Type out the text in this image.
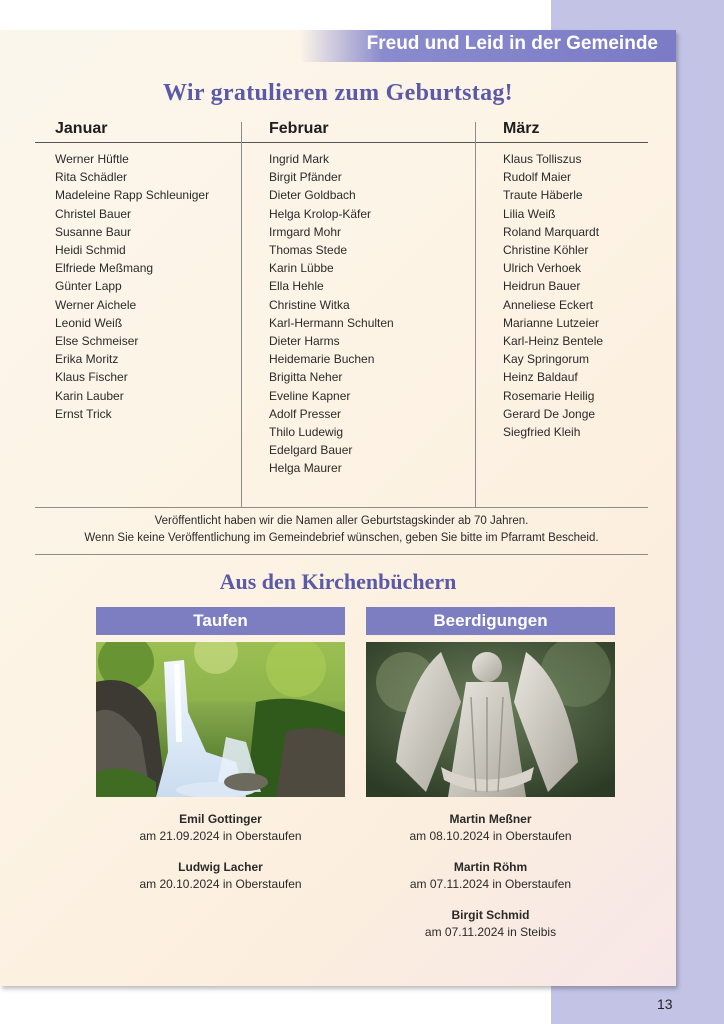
Freud und Leid in der Gemeinde
Wir gratulieren zum Geburtstag!
Januar
Werner Hüftle
Rita Schädler
Madeleine Rapp Schleuniger
Christel Bauer
Susanne Baur
Heidi Schmid
Elfriede Meßmang
Günter Lapp
Werner Aichele
Leonid Weiß
Else Schmeiser
Erika Moritz
Klaus Fischer
Karin Lauber
Ernst Trick
Februar
Ingrid Mark
Birgit Pfänder
Dieter Goldbach
Helga Krolop-Käfer
Irmgard Mohr
Thomas Stede
Karin Lübbe
Ella Hehle
Christine Witka
Karl-Hermann Schulten
Dieter Harms
Heidemarie Buchen
Brigitta Neher
Eveline Kapner
Adolf Presser
Thilo Ludewig
Edelgard Bauer
Helga Maurer
März
Klaus Tolliszus
Rudolf Maier
Traute Häberle
Lilia Weiß
Roland Marquardt
Christine Köhler
Ulrich Verhoek
Heidrun Bauer
Anneliese Eckert
Marianne Lutzeier
Karl-Heinz Bentele
Kay Springorum
Heinz Baldauf
Rosemarie Heilig
Gerard De Jonge
Siegfried Kleih
Veröffentlicht haben wir die Namen aller Geburtstagskinder ab 70 Jahren.
Wenn Sie keine Veröffentlichung im Gemeindebrief wünschen, geben Sie bitte im Pfarramt Bescheid.
Aus den Kirchenbüchern
Taufen
Emil Gottinger
am 21.09.2024 in Oberstaufen
Ludwig Lacher
am 20.10.2024 in Oberstaufen
Beerdigungen
Martin Meßner
am 08.10.2024 in Oberstaufen
Martin Röhm
am 07.11.2024 in Oberstaufen
Birgit Schmid
am 07.11.2024 in Steibis
13
